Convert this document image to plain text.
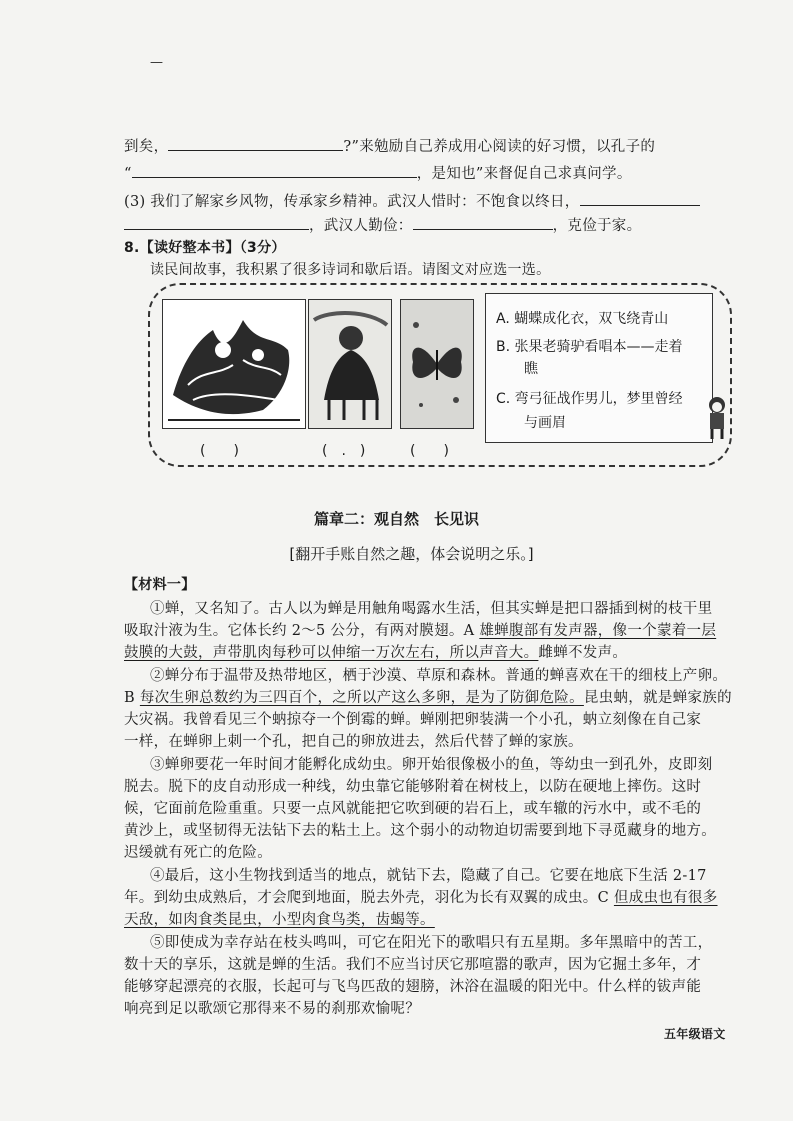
—
到矣，	?”来勉励自己养成用心阅读的好习惯，以孔子的
“	，是知也”来督促自己求真问学。
(3) 我们了解家乡风物，传承家乡精神。武汉人惜时：不饱食以终日，
，武汉人勤俭：	，克俭于家。
8.【读好整本书】（3分）
读民间故事，我积累了很多诗词和歇后语。请图文对应选一选。
A. 蝴蝶成化衣，双飞绕青山
B. 张果老骑驴看唱本——走着
瞧
C. 弯弓征战作男儿，梦里曾经
与画眉
(　　)	(　.　)	(　　)
篇章二：观自然　长见识
[翻开手账自然之趣，体会说明之乐。]
【材料一】
①蝉，又名知了。古人以为蝉是用触角喝露水生活，但其实蝉是把口器插到树的枝干里
吸取汁液为生。它体长约 2～5 公分，有两对膜翅。A 雄蝉腹部有发声器，像一个蒙着一层
鼓膜的大鼓，声带肌肉每秒可以伸缩一万次左右，所以声音大。雌蝉不发声。
②蝉分布于温带及热带地区，栖于沙漠、草原和森林。普通的蝉喜欢在干的细枝上产卵。
B 每次生卵总数约为三四百个，之所以产这么多卵，是为了防御危险。昆虫蚋，就是蝉家族的
大灾祸。我曾看见三个蚋掠夺一个倒霉的蝉。蝉刚把卵装满一个小孔，蚋立刻像在自己家
一样，在蝉卵上刺一个孔，把自己的卵放进去，然后代替了蝉的家族。
③蝉卵要花一年时间才能孵化成幼虫。卵开始很像极小的鱼，等幼虫一到孔外，皮即刻
脱去。脱下的皮自动形成一种线，幼虫靠它能够附着在树枝上，以防在硬地上摔伤。这时
候，它面前危险重重。只要一点风就能把它吹到硬的岩石上，或车辙的污水中，或不毛的
黄沙上，或坚韧得无法钻下去的粘土上。这个弱小的动物迫切需要到地下寻觅藏身的地方。
迟缓就有死亡的危险。
④最后，这小生物找到适当的地点，就钻下去，隐藏了自己。它要在地底下生活 2-17
年。到幼虫成熟后，才会爬到地面，脱去外壳，羽化为长有双翼的成虫。C 但成虫也有很多
天敌，如肉食类昆虫，小型肉食鸟类，齿蝎等。
⑤即使成为幸存站在枝头鸣叫，可它在阳光下的歌唱只有五星期。多年黑暗中的苦工，
数十天的享乐，这就是蝉的生活。我们不应当讨厌它那喧嚣的歌声，因为它掘土多年，才
能够穿起漂亮的衣服，长起可与飞鸟匹敌的翅膀，沐浴在温暖的阳光中。什么样的钹声能
响亮到足以歌颂它那得来不易的刹那欢愉呢？
五年级语文
